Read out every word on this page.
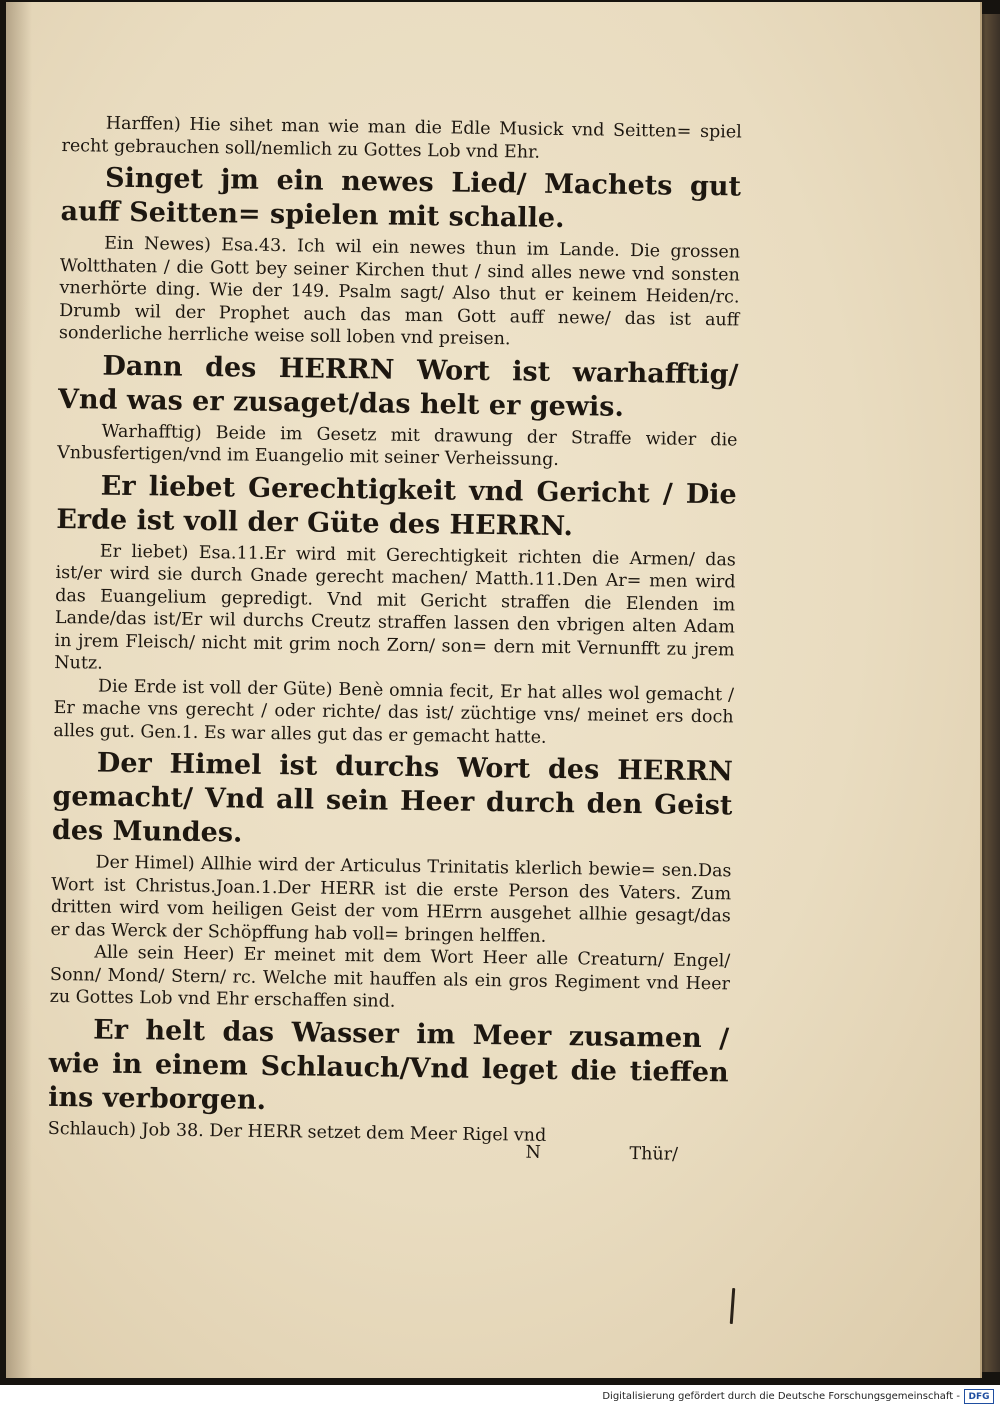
Harffen) Hie sihet man wie man die Edle Musick vnd Seitten= spiel recht gebrauchen soll/nemlich zu Gottes Lob vnd Ehr.

Singet jm ein newes Lied/ Machets gut auff Seitten= spielen mit schalle.

Ein Newes) Esa.43. Ich wil ein newes thun im Lande. Die grossen Woltthaten / die Gott bey seiner Kirchen thut / sind alles newe vnd sonsten vnerhörte ding. Wie der 149. Psalm sagt/ Also thut er keinem Heiden/rc. Drumb wil der Prophet auch das man Gott auff newe/ das ist auff sonderliche herrliche weise soll loben vnd preisen.

Dann des HERRN Wort ist warhafftig/ Vnd was er zusaget/das helt er gewis.

Warhafftig) Beide im Gesetz mit drawung der Straffe wider die Vnbusfertigen/vnd im Euangelio mit seiner Verheissung.

Er liebet Gerechtigkeit vnd Gericht / Die Erde ist voll der Güte des HERRN.

Er liebet) Esa.11.Er wird mit Gerechtigkeit richten die Armen/ das ist/er wird sie durch Gnade gerecht machen/ Matth.11.Den Ar= men wird das Euangelium gepredigt. Vnd mit Gericht straffen die Elenden im Lande/das ist/Er wil durchs Creutz straffen lassen den vbrigen alten Adam in jrem Fleisch/ nicht mit grim noch Zorn/ son= dern mit Vernunfft zu jrem Nutz.

Die Erde ist voll der Güte) Benè omnia fecit, Er hat alles wol gemacht / Er mache vns gerecht / oder richte/ das ist/ züchtige vns/ meinet ers doch alles gut. Gen.1. Es war alles gut das er gemacht hatte.

Der Himel ist durchs Wort des HERRN gemacht/ Vnd all sein Heer durch den Geist des Mundes.

Der Himel) Allhie wird der Articulus Trinitatis klerlich bewie= sen.Das Wort ist Christus.Joan.1.Der HERR ist die erste Person des Vaters. Zum dritten wird vom heiligen Geist der vom HErrn ausgehet allhie gesagt/das er das Werck der Schöpffung hab voll= bringen helffen.

Alle sein Heer) Er meinet mit dem Wort Heer alle Creaturn/ Engel/ Sonn/ Mond/ Stern/ rc. Welche mit hauffen als ein gros Regiment vnd Heer zu Gottes Lob vnd Ehr erschaffen sind.

Er helt das Wasser im Meer zusamen / wie in einem Schlauch/Vnd leget die tieffen ins verborgen.

Schlauch) Job 38. Der HERR setzet dem Meer Rigel vnd

N	Thür/
Digitalisierung gefördert durch die Deutsche Forschungsgemeinschaft - DFG
